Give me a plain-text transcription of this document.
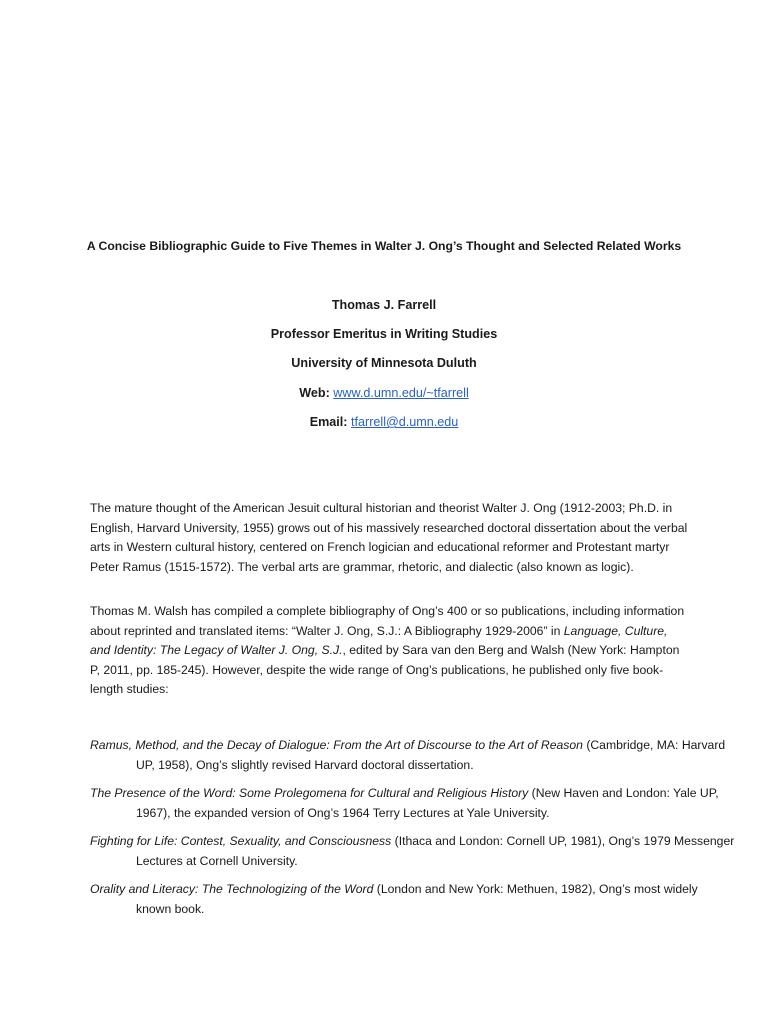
A Concise Bibliographic Guide to Five Themes in Walter J. Ong’s Thought and Selected Related Works
Thomas J. Farrell
Professor Emeritus in Writing Studies
University of Minnesota Duluth
Web: www.d.umn.edu/~tfarrell
Email: tfarrell@d.umn.edu

The mature thought of the American Jesuit cultural historian and theorist Walter J. Ong (1912-2003; Ph.D. in English, Harvard University, 1955) grows out of his massively researched doctoral dissertation about the verbal arts in Western cultural history, centered on French logician and educational reformer and Protestant martyr Peter Ramus (1515-1572). The verbal arts are grammar, rhetoric, and dialectic (also known as logic).

Thomas M. Walsh has compiled a complete bibliography of Ong’s 400 or so publications, including information about reprinted and translated items: “Walter J. Ong, S.J.: A Bibliography 1929-2006” in Language, Culture, and Identity: The Legacy of Walter J. Ong, S.J., edited by Sara van den Berg and Walsh (New York: Hampton P, 2011, pp. 185-245). However, despite the wide range of Ong’s publications, he published only five book-length studies:

Ramus, Method, and the Decay of Dialogue: From the Art of Discourse to the Art of Reason (Cambridge, MA: Harvard UP, 1958), Ong’s slightly revised Harvard doctoral dissertation.

The Presence of the Word: Some Prolegomena for Cultural and Religious History (New Haven and London: Yale UP, 1967), the expanded version of Ong’s 1964 Terry Lectures at Yale University.

Fighting for Life: Contest, Sexuality, and Consciousness (Ithaca and London: Cornell UP, 1981), Ong’s 1979 Messenger Lectures at Cornell University.

Orality and Literacy: The Technologizing of the Word (London and New York: Methuen, 1982), Ong’s most widely known book.
